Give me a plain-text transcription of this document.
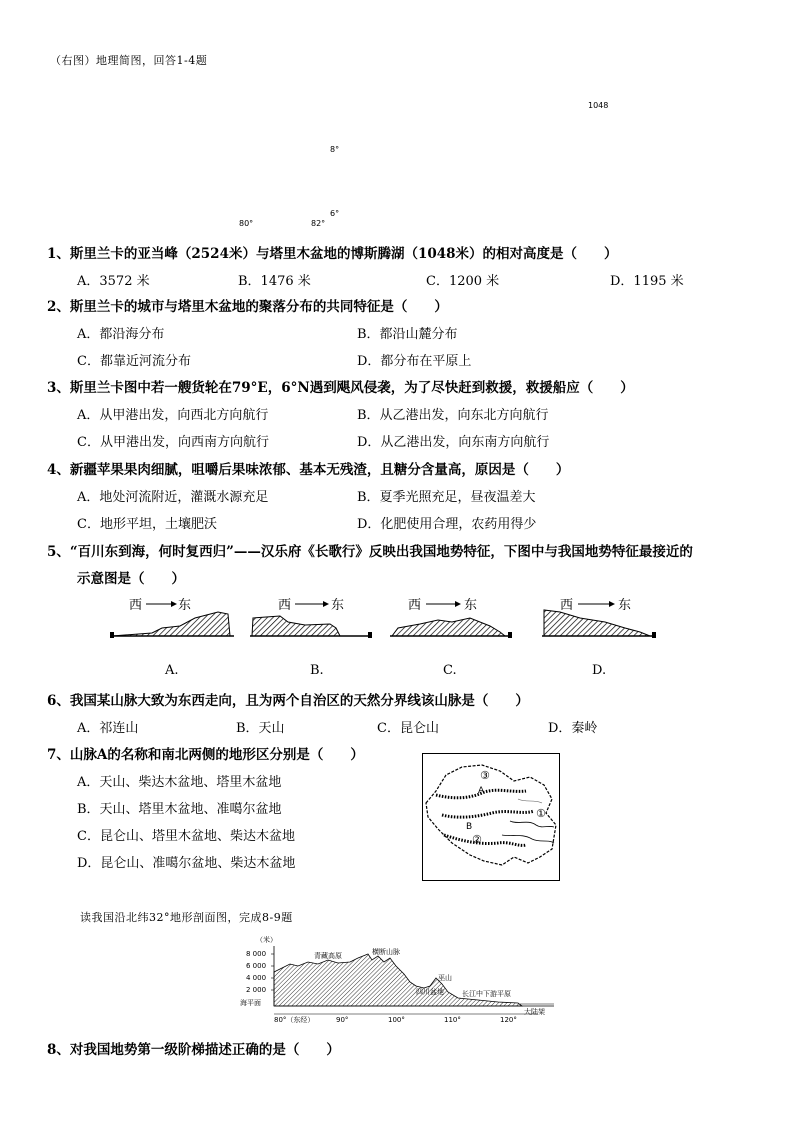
（右图）地理简图，回答1-4题
1048
8°
80°	82°
6°
1、斯里兰卡的亚当峰（2524米）与塔里木盆地的博斯腾湖（1048米）的相对高度是（　　）
A．3572 米	B．1476 米	C．1200 米	D．1195 米
2、斯里兰卡的城市与塔里木盆地的聚落分布的共同特征是（　　）
A．都沿海分布	B．都沿山麓分布
C．都靠近河流分布	D．都分布在平原上
3、斯里兰卡图中若一艘货轮在79°E，6°N遇到飓风侵袭，为了尽快赶到救援，救援船应（　　）
A．从甲港出发，向西北方向航行	B．从乙港出发，向东北方向航行
C．从甲港出发，向西南方向航行	D．从乙港出发，向东南方向航行
4、新疆苹果果肉细腻，咀嚼后果味浓郁、基本无残渣，且糖分含量高，原因是（　　）
A．地处河流附近，灌溉水源充足	B．夏季光照充足，昼夜温差大
C．地形平坦，土壤肥沃	D．化肥使用合理，农药用得少
5、“百川东到海，何时复西归”——汉乐府《长歌行》反映出我国地势特征，下图中与我国地势特征最接近的
示意图是（　　）
西	东	西	东	西	东	西	东
A.	B.	C.	D.
6、我国某山脉大致为东西走向，且为两个自治区的天然分界线该山脉是（　　）
A．祁连山	B．天山	C．昆仑山	D．秦岭
7、山脉A的名称和南北两侧的地形区分别是（　　）
A．天山、柴达木盆地、塔里木盆地
B．天山、塔里木盆地、准噶尔盆地
C．昆仑山、塔里木盆地、柴达木盆地
D．昆仑山、准噶尔盆地、柴达木盆地
③
A
B
②
①
读我国沿北纬32°地形剖面图，完成8-9题
（米）
8 000
6 000
4 000
2 000
海平面
80°（东经）	90°	100°	110°	120°
青藏高原	横断山脉
巫山
四川盆地	长江中下游平原
大陆架
8、对我国地势第一级阶梯描述正确的是（　　）
